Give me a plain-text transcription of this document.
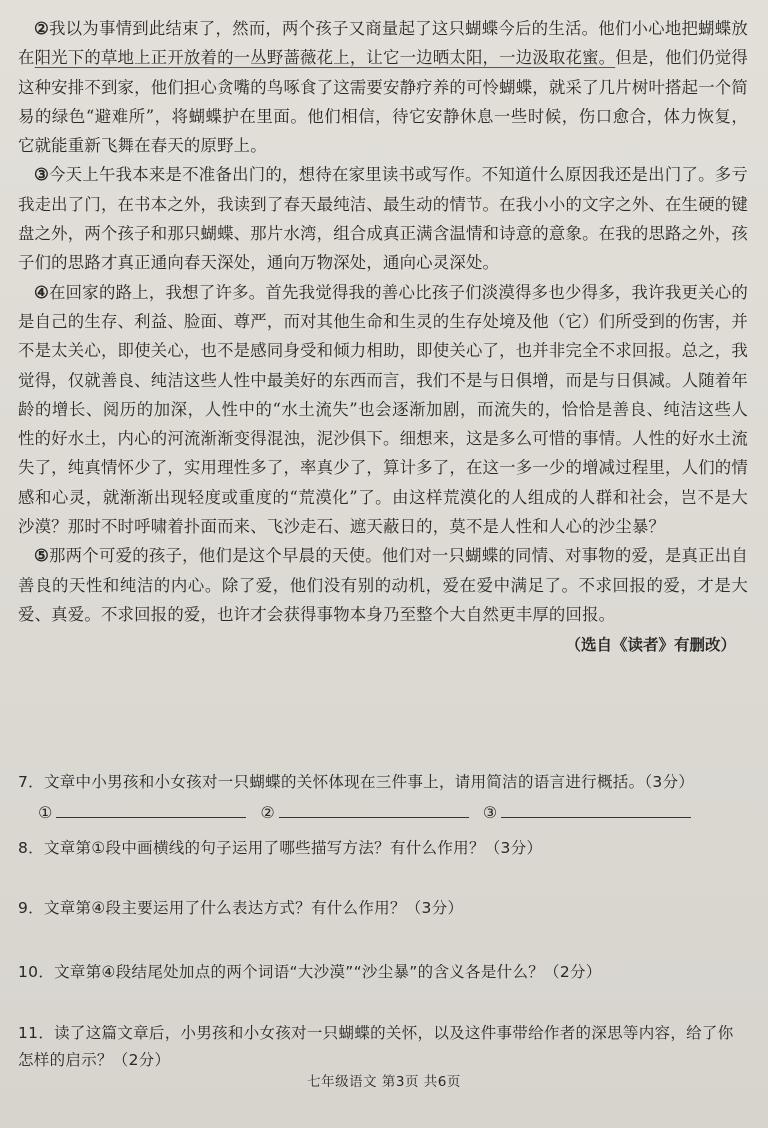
②我以为事情到此结束了，然而，两个孩子又商量起了这只蝴蝶今后的生活。他们小心地把蝴蝶放在阳光下的草地上正开放着的一丛野蔷薇花上，让它一边晒太阳，一边汲取花蜜。但是，他们仍觉得这种安排不到家，他们担心贪嘴的鸟啄食了这需要安静疗养的可怜蝴蝶，就采了几片树叶搭起一个简易的绿色“避难所”，将蝴蝶护在里面。他们相信，待它安静休息一些时候，伤口愈合，体力恢复，它就能重新飞舞在春天的原野上。

③今天上午我本来是不准备出门的，想待在家里读书或写作。不知道什么原因我还是出门了。多亏我走出了门，在书本之外，我读到了春天最纯洁、最生动的情节。在我小小的文字之外、在生硬的键盘之外，两个孩子和那只蝴蝶、那片水湾，组合成真正满含温情和诗意的意象。在我的思路之外，孩子们的思路才真正通向春天深处，通向万物深处，通向心灵深处。

④在回家的路上，我想了许多。首先我觉得我的善心比孩子们淡漠得多也少得多，我许我更关心的是自己的生存、利益、脸面、尊严，而对其他生命和生灵的生存处境及他（它）们所受到的伤害，并不是太关心，即使关心，也不是感同身受和倾力相助，即使关心了，也并非完全不求回报。总之，我觉得，仅就善良、纯洁这些人性中最美好的东西而言，我们不是与日俱增，而是与日俱减。人随着年龄的增长、阅历的加深，人性中的“水土流失”也会逐渐加剧，而流失的，恰恰是善良、纯洁这些人性的好水土，内心的河流渐渐变得混浊，泥沙俱下。细想来，这是多么可惜的事情。人性的好水土流失了，纯真情怀少了，实用理性多了，率真少了，算计多了，在这一多一少的增减过程里，人们的情感和心灵，就渐渐出现轻度或重度的“荒漠化”了。由这样荒漠化的人组成的人群和社会，岂不是大沙漠？那时不时呼啸着扑面而来、飞沙走石、遮天蔽日的，莫不是人性和人心的沙尘暴？

⑤那两个可爱的孩子，他们是这个早晨的天使。他们对一只蝴蝶的同情、对事物的爱，是真正出自善良的天性和纯洁的内心。除了爱，他们没有别的动机，爱在爱中满足了。不求回报的爱，才是大爱、真爱。不求回报的爱，也许才会获得事物本身乃至整个大自然更丰厚的回报。

（选自《读者》有删改）

7．文章中小男孩和小女孩对一只蝴蝶的关怀体现在三件事上，请用简洁的语言进行概括。（3分）

①	②	③

8．文章第①段中画横线的句子运用了哪些描写方法？有什么作用？（3分）

9．文章第④段主要运用了什么表达方式？有什么作用？（3分）

10．文章第④段结尾处加点的两个词语“大沙漠”“沙尘暴”的含义各是什么？（2分）

11．读了这篇文章后，小男孩和小女孩对一只蝴蝶的关怀，以及这件事带给作者的深思等内容，给了你怎样的启示？（2分）

七年级语文 第3页 共6页
